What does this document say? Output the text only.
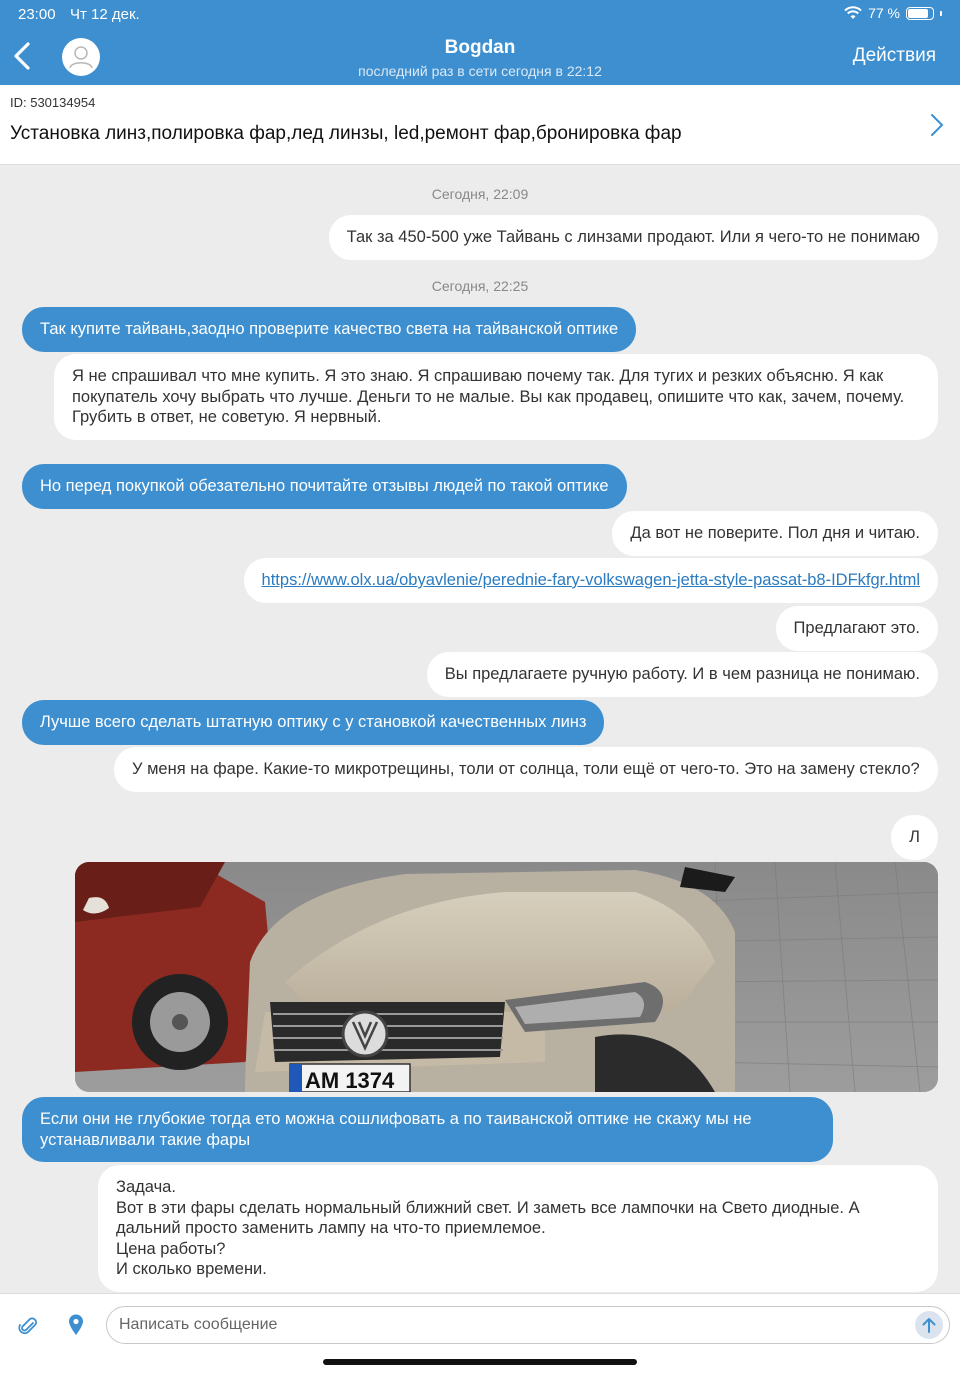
23:00 Чт 12 дек.	77 %
Bogdan
последний раз в сети сегодня в 22:12
Действия
ID: 530134954
Установка линз,полировка фар,лед линзы, led,ремонт фар,бронировка фар
Сегодня, 22:09
Так за 450-500 уже Тайвань с линзами продают. Или я чего-то не понимаю
Сегодня, 22:25
Так купите тайвань,заодно проверите качество света на тайванской оптике
Я не спрашивал что мне купить. Я это знаю. Я спрашиваю почему так. Для тугих и резких объясню. Я как покупатель хочу выбрать что лучше. Деньги то не малые. Вы как продавец, опишите что как, зачем, почему.
Грубить в ответ, не советую. Я нервный.
Но перед покупкой обезательно почитайте отзывы людей по такой оптике
Да вот не поверите. Пол дня и читаю.
https://www.olx.ua/obyavlenie/perednie-fary-volkswagen-jetta-style-passat-b8-IDFkfgr.html
Предлагают это.
Вы предлагаете ручную работу. И в чем разница не понимаю.
Лучше всего сделать штатную оптику с у становкой качественных линз
У меня на фаре. Какие-то микротрещины, толи от солнца, толи ещё от чего-то. Это на замену стекло?
Л
AM 1374
Если они не глубокие тогда ето можна сошлифовать а по таиванской оптике не скажу мы не устанавливали такие фары
Задача.
Вот в эти фары сделать нормальный ближний свет. И заметь все лампочки на Свето диодные. А дальний просто заменить лампу на что-то приемлемое.
Цена работы?
И сколько времени.
Написать сообщение
